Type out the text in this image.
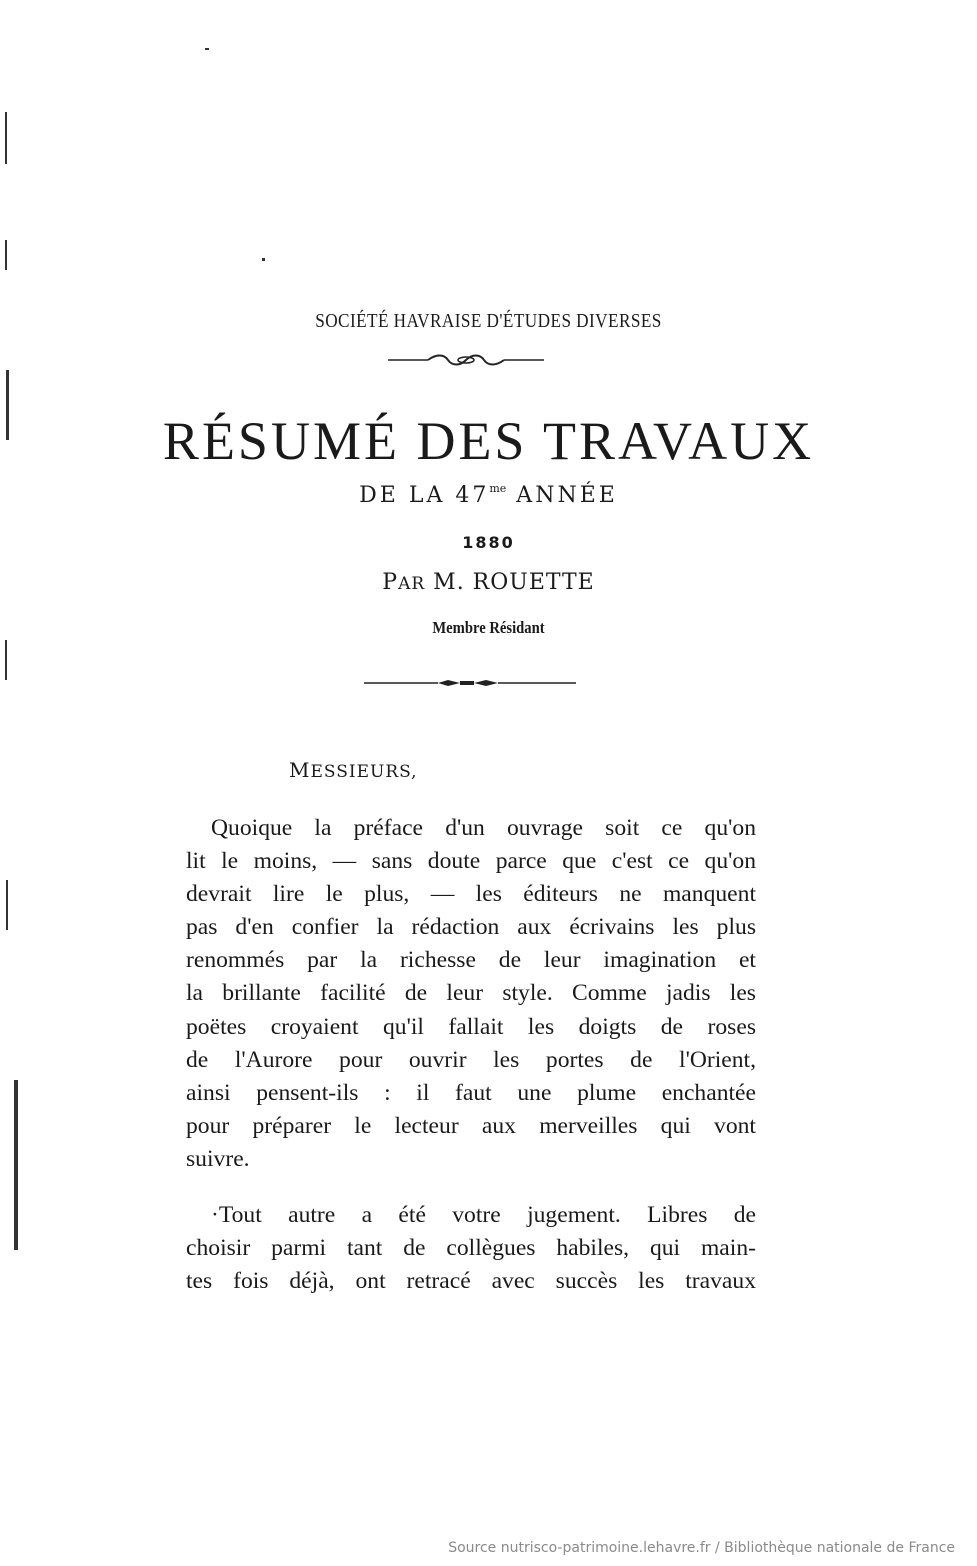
SOCIÉTÉ HAVRAISE D'ÉTUDES DIVERSES
RÉSUMÉ DES TRAVAUX
DE LA $47^{me}$ ANNÉE
1880
PAR M. ROUETTE
Membre Résidant
MESSIEURS,
Quoique la préface d'un ouvrage soit ce qu'on
lit le moins, — sans doute parce que c'est ce qu'on
devrait lire le plus, — les éditeurs ne manquent
pas d'en confier la rédaction aux écrivains les plus
renommés par la richesse de leur imagination et
la brillante facilité de leur style. Comme jadis les
poëtes croyaient qu'il fallait les doigts de roses
de l'Aurore pour ouvrir les portes de l'Orient,
ainsi pensent-ils : il faut une plume enchantée
pour préparer le lecteur aux merveilles qui vont
suivre.
·Tout autre a été votre jugement. Libres de
choisir parmi tant de collègues habiles, qui main-
tes fois déjà, ont retracé avec succès les travaux
Source nutrisco-patrimoine.lehavre.fr / Bibliothèque nationale de France
